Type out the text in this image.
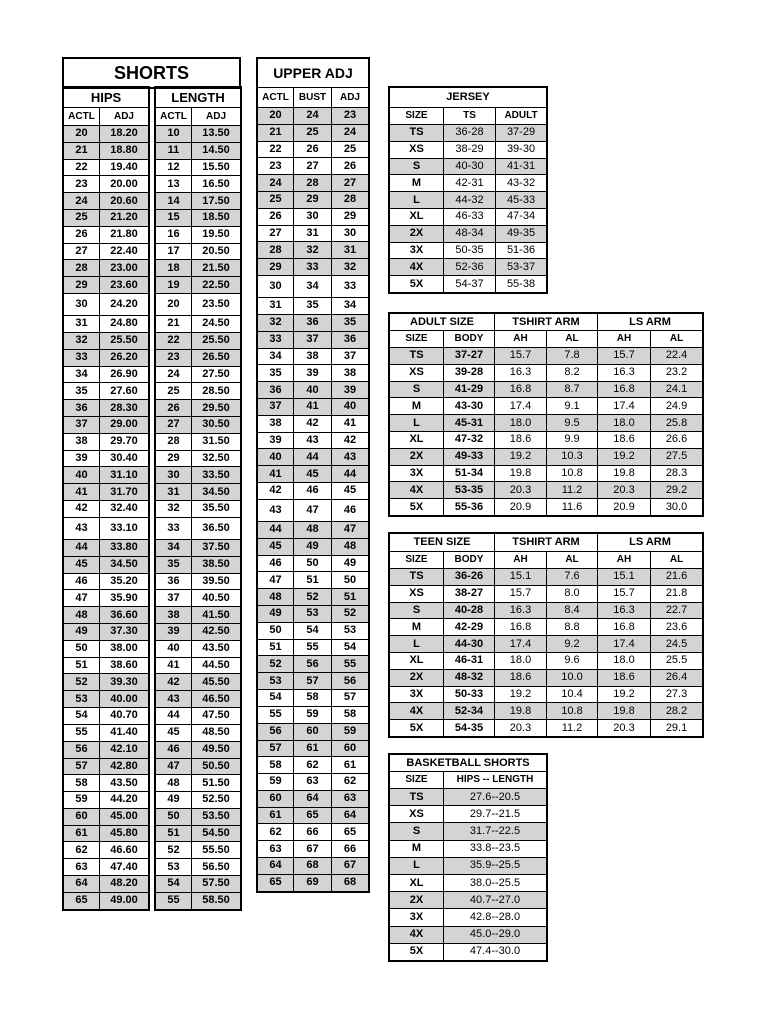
SHORTS
HIPS	
ACTL	ADJ
20	18.20
21	18.80
22	19.40
23	20.00
24	20.60
25	21.20
26	21.80
27	22.40
28	23.00
29	23.60
30	24.20
31	24.80
32	25.50
33	26.20
34	26.90
35	27.60
36	28.30
37	29.00
38	29.70
39	30.40
40	31.10
41	31.70
42	32.40
43	33.10
44	33.80
45	34.50
46	35.20
47	35.90
48	36.60
49	37.30
50	38.00
51	38.60
52	39.30
53	40.00
54	40.70
55	41.40
56	42.10
57	42.80
58	43.50
59	44.20
60	45.00
61	45.80
62	46.60
63	47.40
64	48.20
65	49.00
LENGTH	
ACTL	ADJ
10	13.50
11	14.50
12	15.50
13	16.50
14	17.50
15	18.50
16	19.50
17	20.50
18	21.50
19	22.50
20	23.50
21	24.50
22	25.50
23	26.50
24	27.50
25	28.50
26	29.50
27	30.50
28	31.50
29	32.50
30	33.50
31	34.50
32	35.50
33	36.50
34	37.50
35	38.50
36	39.50
37	40.50
38	41.50
39	42.50
40	43.50
41	44.50
42	45.50
43	46.50
44	47.50
45	48.50
46	49.50
47	50.50
48	51.50
49	52.50
50	53.50
51	54.50
52	55.50
53	56.50
54	57.50
55	58.50
UPPER ADJ		
ACTL	BUST	ADJ
20	24	23
21	25	24
22	26	25
23	27	26
24	28	27
25	29	28
26	30	29
27	31	30
28	32	31
29	33	32
30	34	33
31	35	34
32	36	35
33	37	36
34	38	37
35	39	38
36	40	39
37	41	40
38	42	41
39	43	42
40	44	43
41	45	44
42	46	45
43	47	46
44	48	47
45	49	48
46	50	49
47	51	50
48	52	51
49	53	52
50	54	53
51	55	54
52	56	55
53	57	56
54	58	57
55	59	58
56	60	59
57	61	60
58	62	61
59	63	62
60	64	63
61	65	64
62	66	65
63	67	66
64	68	67
65	69	68
JERSEY		
SIZE	TS	ADULT
TS	36-28	37-29
XS	38-29	39-30
S	40-30	41-31
M	42-31	43-32
L	44-32	45-33
XL	46-33	47-34
2X	48-34	49-35
3X	50-35	51-36
4X	52-36	53-37
5X	54-37	55-38
ADULT SIZE		TSHIRT ARM		LS ARM	
SIZE	BODY	AH	AL	AH	AL
TS	37-27	15.7	7.8	15.7	22.4
XS	39-28	16.3	8.2	16.3	23.2
S	41-29	16.8	8.7	16.8	24.1
M	43-30	17.4	9.1	17.4	24.9
L	45-31	18.0	9.5	18.0	25.8
XL	47-32	18.6	9.9	18.6	26.6
2X	49-33	19.2	10.3	19.2	27.5
3X	51-34	19.8	10.8	19.8	28.3
4X	53-35	20.3	11.2	20.3	29.2
5X	55-36	20.9	11.6	20.9	30.0
TEEN SIZE		TSHIRT ARM		LS ARM	
SIZE	BODY	AH	AL	AH	AL
TS	36-26	15.1	7.6	15.1	21.6
XS	38-27	15.7	8.0	15.7	21.8
S	40-28	16.3	8.4	16.3	22.7
M	42-29	16.8	8.8	16.8	23.6
L	44-30	17.4	9.2	17.4	24.5
XL	46-31	18.0	9.6	18.0	25.5
2X	48-32	18.6	10.0	18.6	26.4
3X	50-33	19.2	10.4	19.2	27.3
4X	52-34	19.8	10.8	19.8	28.2
5X	54-35	20.3	11.2	20.3	29.1
BASKETBALL SHORTS	
SIZE	HIPS -- LENGTH
TS	27.6--20.5
XS	29.7--21.5
S	31.7--22.5
M	33.8--23.5
L	35.9--25.5
XL	38.0--25.5
2X	40.7--27.0
3X	42.8--28.0
4X	45.0--29.0
5X	47.4--30.0
